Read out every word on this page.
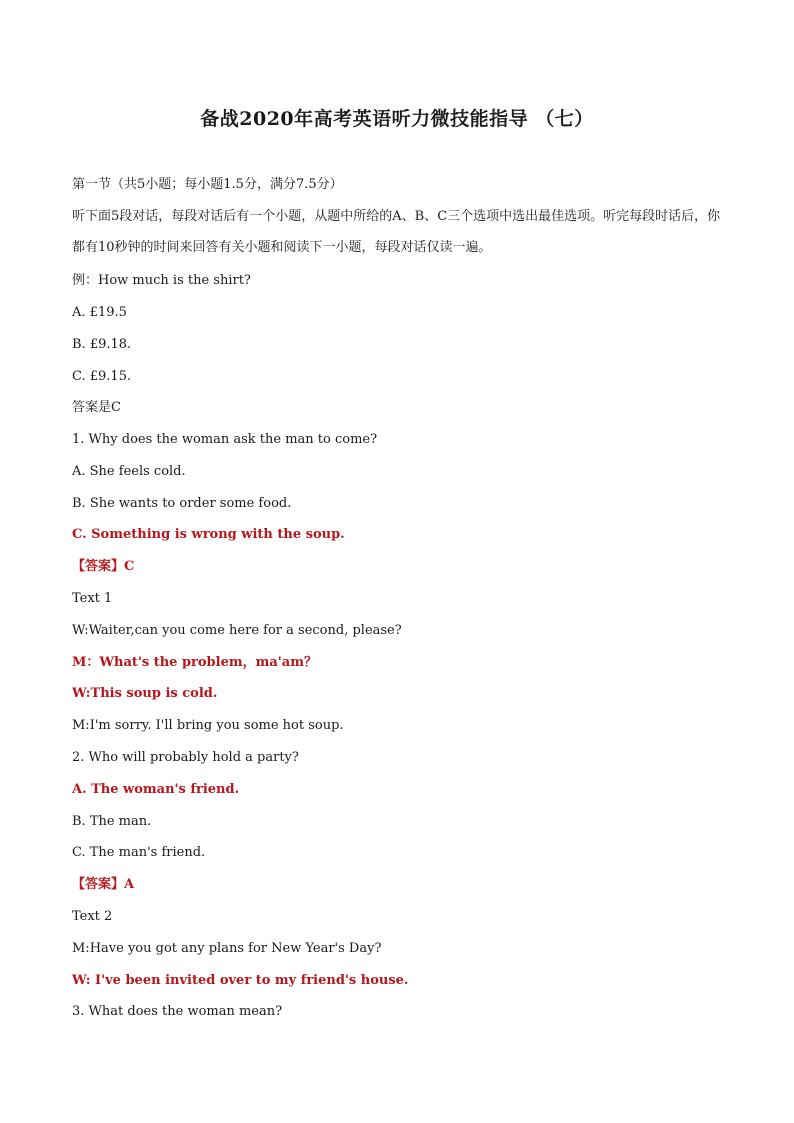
备战2020年高考英语听力微技能指导 （七）
第一节（共5小题；每小题1.5分，满分7.5分）
听下面5段对话，每段对话后有一个小题，从题中所给的A、B、C三个选项中选出最佳选项。听完每段时话后，你都有10秒钟的时间来回答有关小题和阅读下一小题，每段对话仅读一遍。
例：How much is the shirt?
A. £19.5
B. £9.18.
C. £9.15.
答案是C
1. Why does the woman ask the man to come?
A. She feels cold.
B. She wants to order some food.
C. Something is wrong with the soup.
【答案】C
Text 1
W:Waiter,can you come here for a second, please?
M：What's the problem，ma'am？
W:This soup is cold.
M:I'm sorry. I'll bring you some hot soup.
2. Who will probably hold a party?
A. The woman's friend.
B. The man.
C. The man's friend.
【答案】A
Text 2
M:Have you got any plans for New Year's Day?
W: I've been invited over to my friend's house.
3. What does the woman mean?
